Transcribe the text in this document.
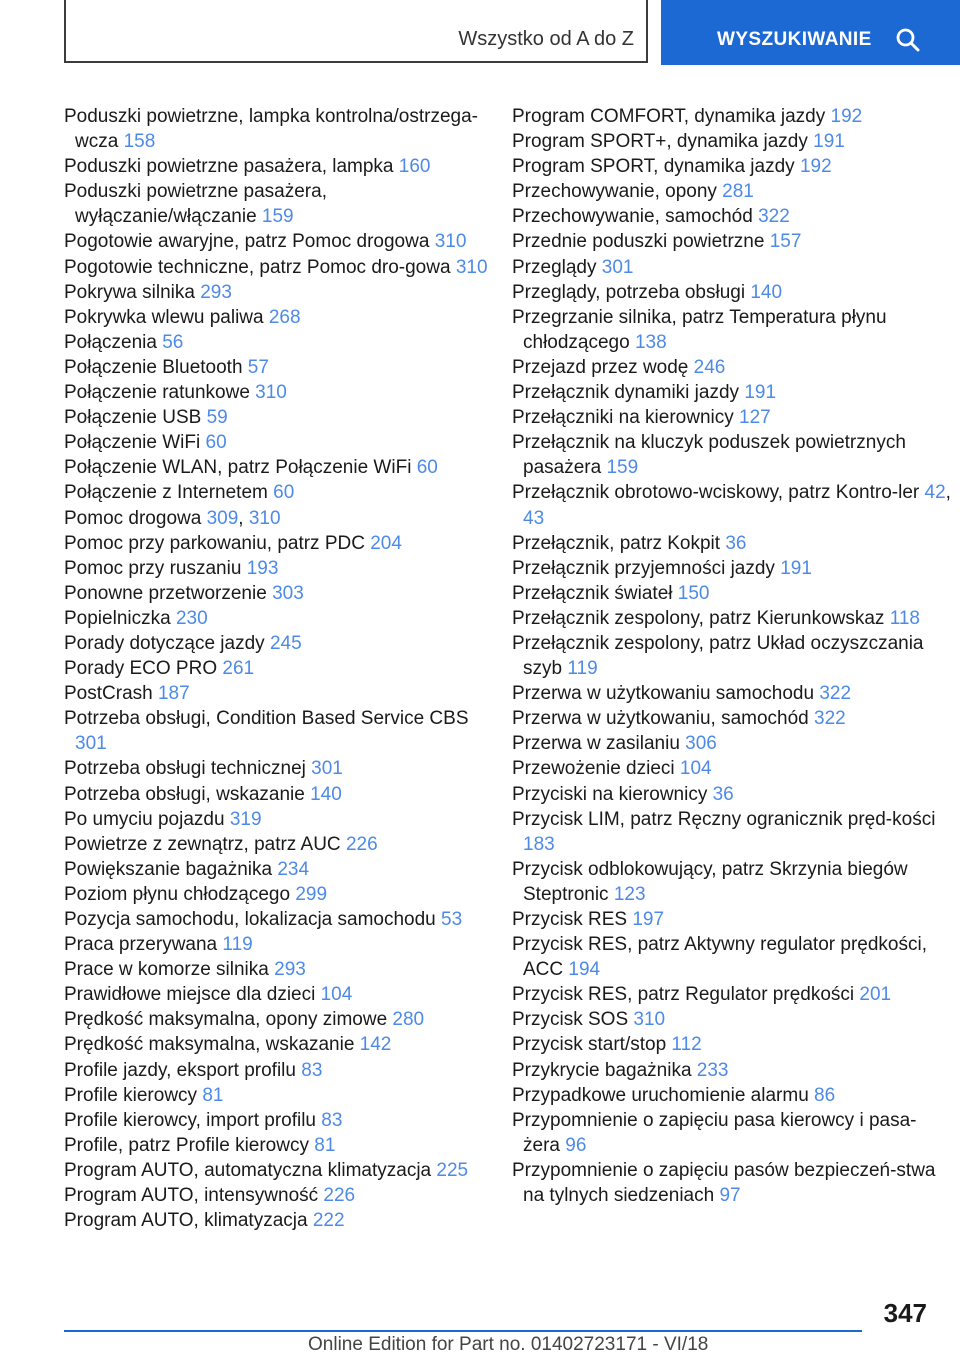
Wszystko od A do Z	WYSZUKIWANIE
Poduszki powietrzne, lampka kontrolna/ostrzega-wcza 158
Poduszki powietrzne pasażera, lampka 160
Poduszki powietrzne pasażera, wyłączanie/włączanie 159
Pogotowie awaryjne, patrz Pomoc drogowa 310
Pogotowie techniczne, patrz Pomoc dro-gowa 310
Pokrywa silnika 293
Pokrywka wlewu paliwa 268
Połączenia 56
Połączenie Bluetooth 57
Połączenie ratunkowe 310
Połączenie USB 59
Połączenie WiFi 60
Połączenie WLAN, patrz Połączenie WiFi 60
Połączenie z Internetem 60
Pomoc drogowa 309, 310
Pomoc przy parkowaniu, patrz PDC 204
Pomoc przy ruszaniu 193
Ponowne przetworzenie 303
Popielniczka 230
Porady dotyczące jazdy 245
Porady ECO PRO 261
PostCrash 187
Potrzeba obsługi, Condition Based Service CBS 301
Potrzeba obsługi technicznej 301
Potrzeba obsługi, wskazanie 140
Po umyciu pojazdu 319
Powietrze z zewnątrz, patrz AUC 226
Powiększanie bagażnika 234
Poziom płynu chłodzącego 299
Pozycja samochodu, lokalizacja samochodu 53
Praca przerywana 119
Prace w komorze silnika 293
Prawidłowe miejsce dla dzieci 104
Prędkość maksymalna, opony zimowe 280
Prędkość maksymalna, wskazanie 142
Profile jazdy, eksport profilu 83
Profile kierowcy 81
Profile kierowcy, import profilu 83
Profile, patrz Profile kierowcy 81
Program AUTO, automatyczna klimatyzacja 225
Program AUTO, intensywność 226
Program AUTO, klimatyzacja 222
Program COMFORT, dynamika jazdy 192
Program SPORT+, dynamika jazdy 191
Program SPORT, dynamika jazdy 192
Przechowywanie, opony 281
Przechowywanie, samochód 322
Przednie poduszki powietrzne 157
Przeglądy 301
Przeglądy, potrzeba obsługi 140
Przegrzanie silnika, patrz Temperatura płynu chłodzącego 138
Przejazd przez wodę 246
Przełącznik dynamiki jazdy 191
Przełączniki na kierownicy 127
Przełącznik na kluczyk poduszek powietrznych pasażera 159
Przełącznik obrotowo-wciskowy, patrz Kontro-ler 42, 43
Przełącznik, patrz Kokpit 36
Przełącznik przyjemności jazdy 191
Przełącznik świateł 150
Przełącznik zespolony, patrz Kierunkowskaz 118
Przełącznik zespolony, patrz Układ oczyszczania szyb 119
Przerwa w użytkowaniu samochodu 322
Przerwa w użytkowaniu, samochód 322
Przerwa w zasilaniu 306
Przewożenie dzieci 104
Przyciski na kierownicy 36
Przycisk LIM, patrz Ręczny ogranicznik pręd-kości 183
Przycisk odblokowujący, patrz Skrzynia biegów Steptronic 123
Przycisk RES 197
Przycisk RES, patrz Aktywny regulator prędkości, ACC 194
Przycisk RES, patrz Regulator prędkości 201
Przycisk SOS 310
Przycisk start/stop 112
Przykrycie bagażnika 233
Przypadkowe uruchomienie alarmu 86
Przypomnienie o zapięciu pasa kierowcy i pasa-żera 96
Przypomnienie o zapięciu pasów bezpieczeń-stwa na tylnych siedzeniach 97
347
Online Edition for Part no. 01402723171 - VI/18
